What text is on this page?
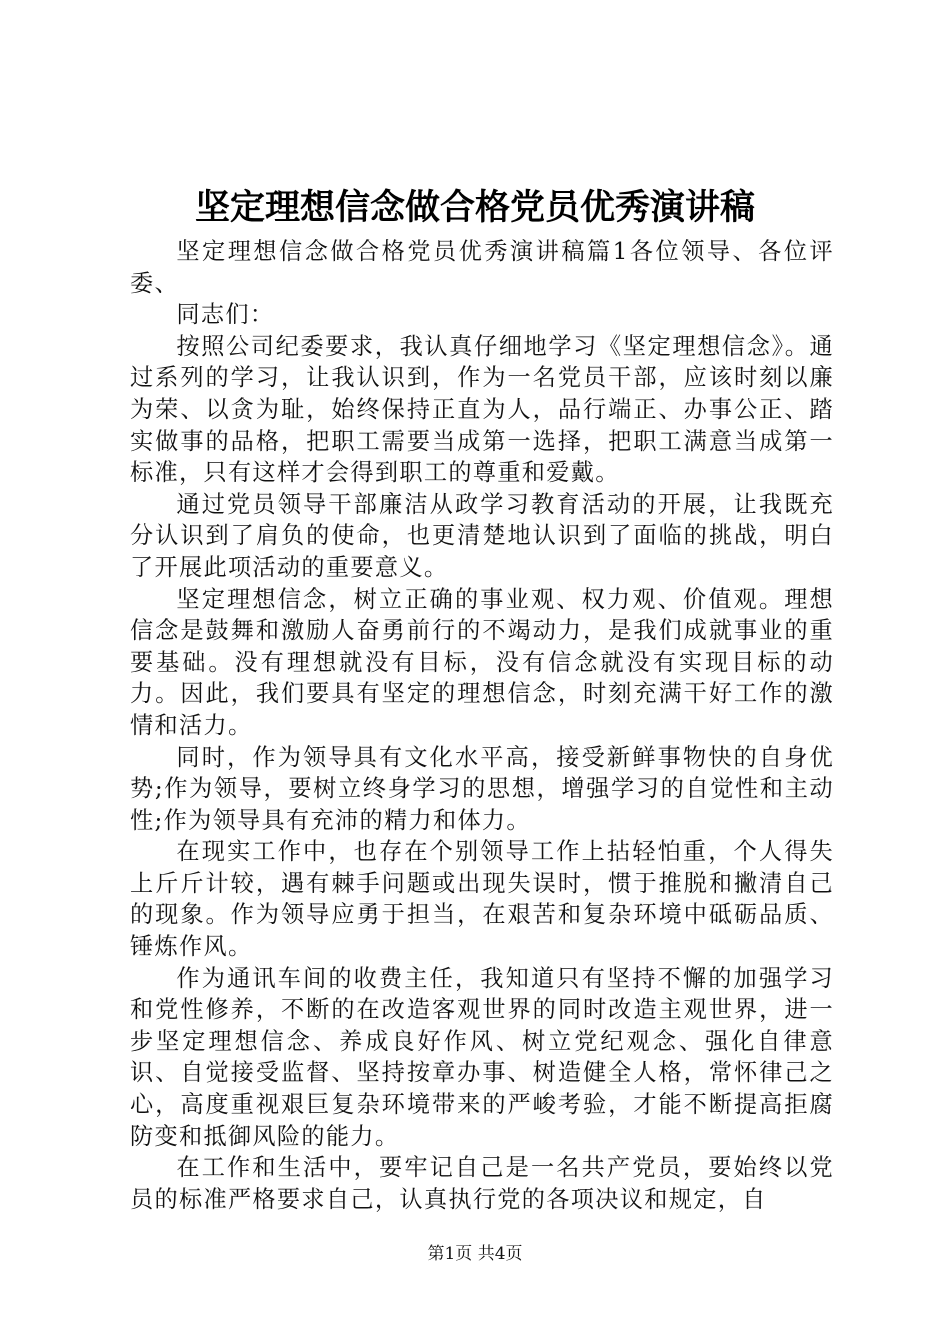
坚定理想信念做合格党员优秀演讲稿

坚定理想信念做合格党员优秀演讲稿篇1各位领导、各位评委、

同志们：

按照公司纪委要求，我认真仔细地学习《坚定理想信念》。通过系列的学习，让我认识到，作为一名党员干部，应该时刻以廉为荣、以贪为耻，始终保持正直为人，品行端正、办事公正、踏实做事的品格，把职工需要当成第一选择，把职工满意当成第一标准，只有这样才会得到职工的尊重和爱戴。

通过党员领导干部廉洁从政学习教育活动的开展，让我既充分认识到了肩负的使命，也更清楚地认识到了面临的挑战，明白了开展此项活动的重要意义。

坚定理想信念，树立正确的事业观、权力观、价值观。理想信念是鼓舞和激励人奋勇前行的不竭动力，是我们成就事业的重要基础。没有理想就没有目标，没有信念就没有实现目标的动力。因此，我们要具有坚定的理想信念，时刻充满干好工作的激情和活力。

同时，作为领导具有文化水平高，接受新鲜事物快的自身优势;作为领导，要树立终身学习的思想，增强学习的自觉性和主动性;作为领导具有充沛的精力和体力。

在现实工作中，也存在个别领导工作上拈轻怕重，个人得失上斤斤计较，遇有棘手问题或出现失误时，惯于推脱和撇清自己的现象。作为领导应勇于担当，在艰苦和复杂环境中砥砺品质、锤炼作风。

作为通讯车间的收费主任，我知道只有坚持不懈的加强学习和党性修养，不断的在改造客观世界的同时改造主观世界，进一步坚定理想信念、养成良好作风、树立党纪观念、强化自律意识、自觉接受监督、坚持按章办事、树造健全人格，常怀律己之心，高度重视艰巨复杂环境带来的严峻考验，才能不断提高拒腐防变和抵御风险的能力。

在工作和生活中，要牢记自己是一名共产党员，要始终以党员的标准严格要求自己，认真执行党的各项决议和规定，自

第1页 共4页
